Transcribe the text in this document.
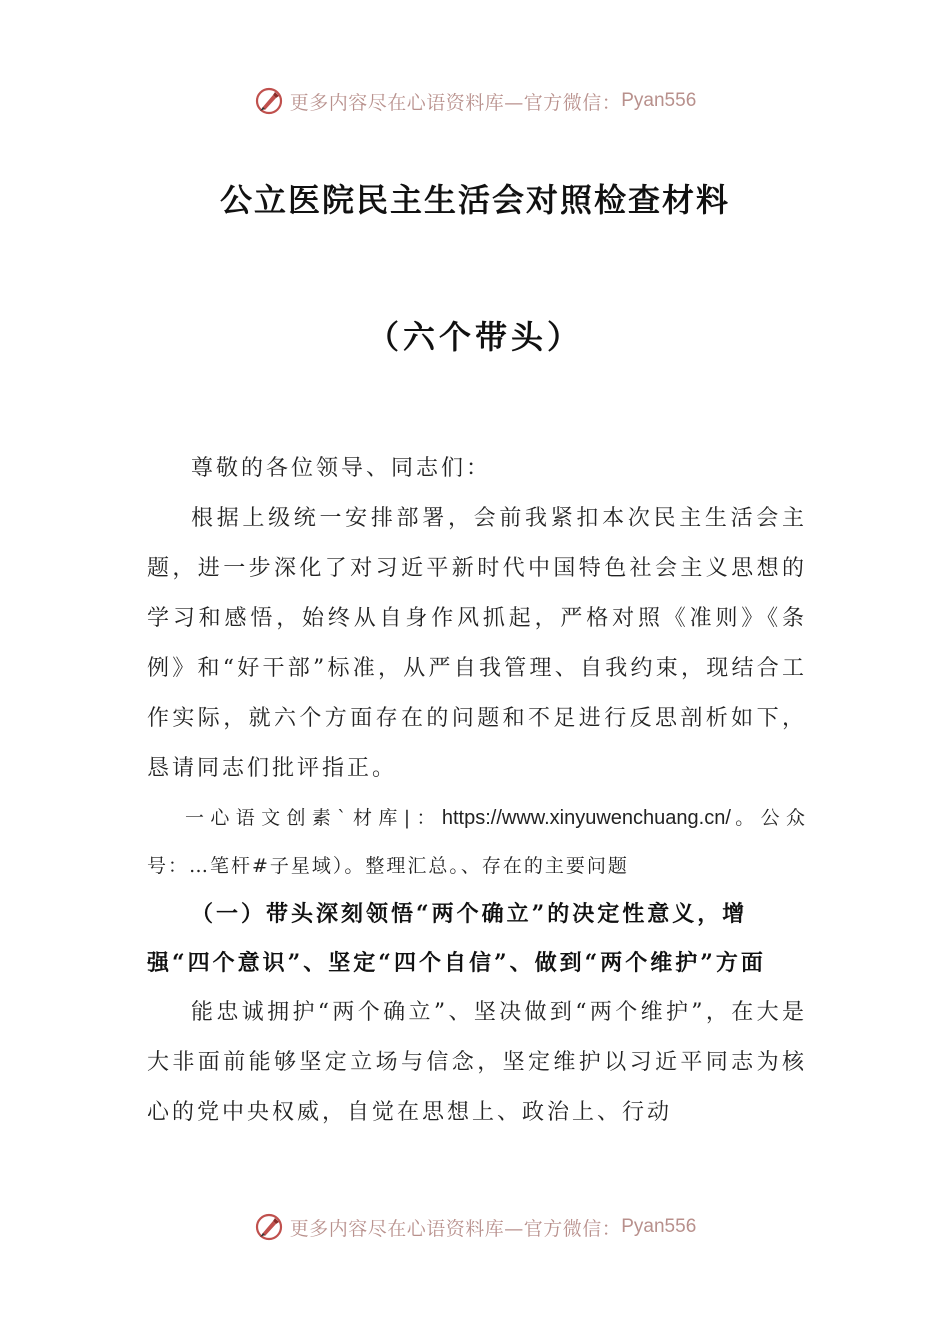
更多内容尽在心语资料库—官方微信： Pyan556
公立医院民主生活会对照检查材料
（六个带头）

尊敬的各位领导、同志们：

根据上级统一安排部署，会前我紧扣本次民主生活会主题，进一步深化了对习近平新时代中国特色社会主义思想的学习和感悟，始终从自身作风抓起，严格对照《准则》《条例》和“好干部”标准，从严自我管理、自我约束，现结合工作实际，就六个方面存在的问题和不足进行反思剖析如下，恳请同志们批评指正。

一心语文创素`材库|：https://www.xinyuwenchuang.cn/。公众号：…笔杆#子星域）。整理汇总。、存在的主要问题

（一）带头深刻领悟“两个确立”的决定性意义，增强“四个意识”、坚定“四个自信”、做到“两个维护”方面

能忠诚拥护“两个确立”、坚决做到“两个维护”，在大是大非面前能够坚定立场与信念，坚定维护以习近平同志为核心的党中央权威，自觉在思想上、政治上、行动

更多内容尽在心语资料库—官方微信： Pyan556
